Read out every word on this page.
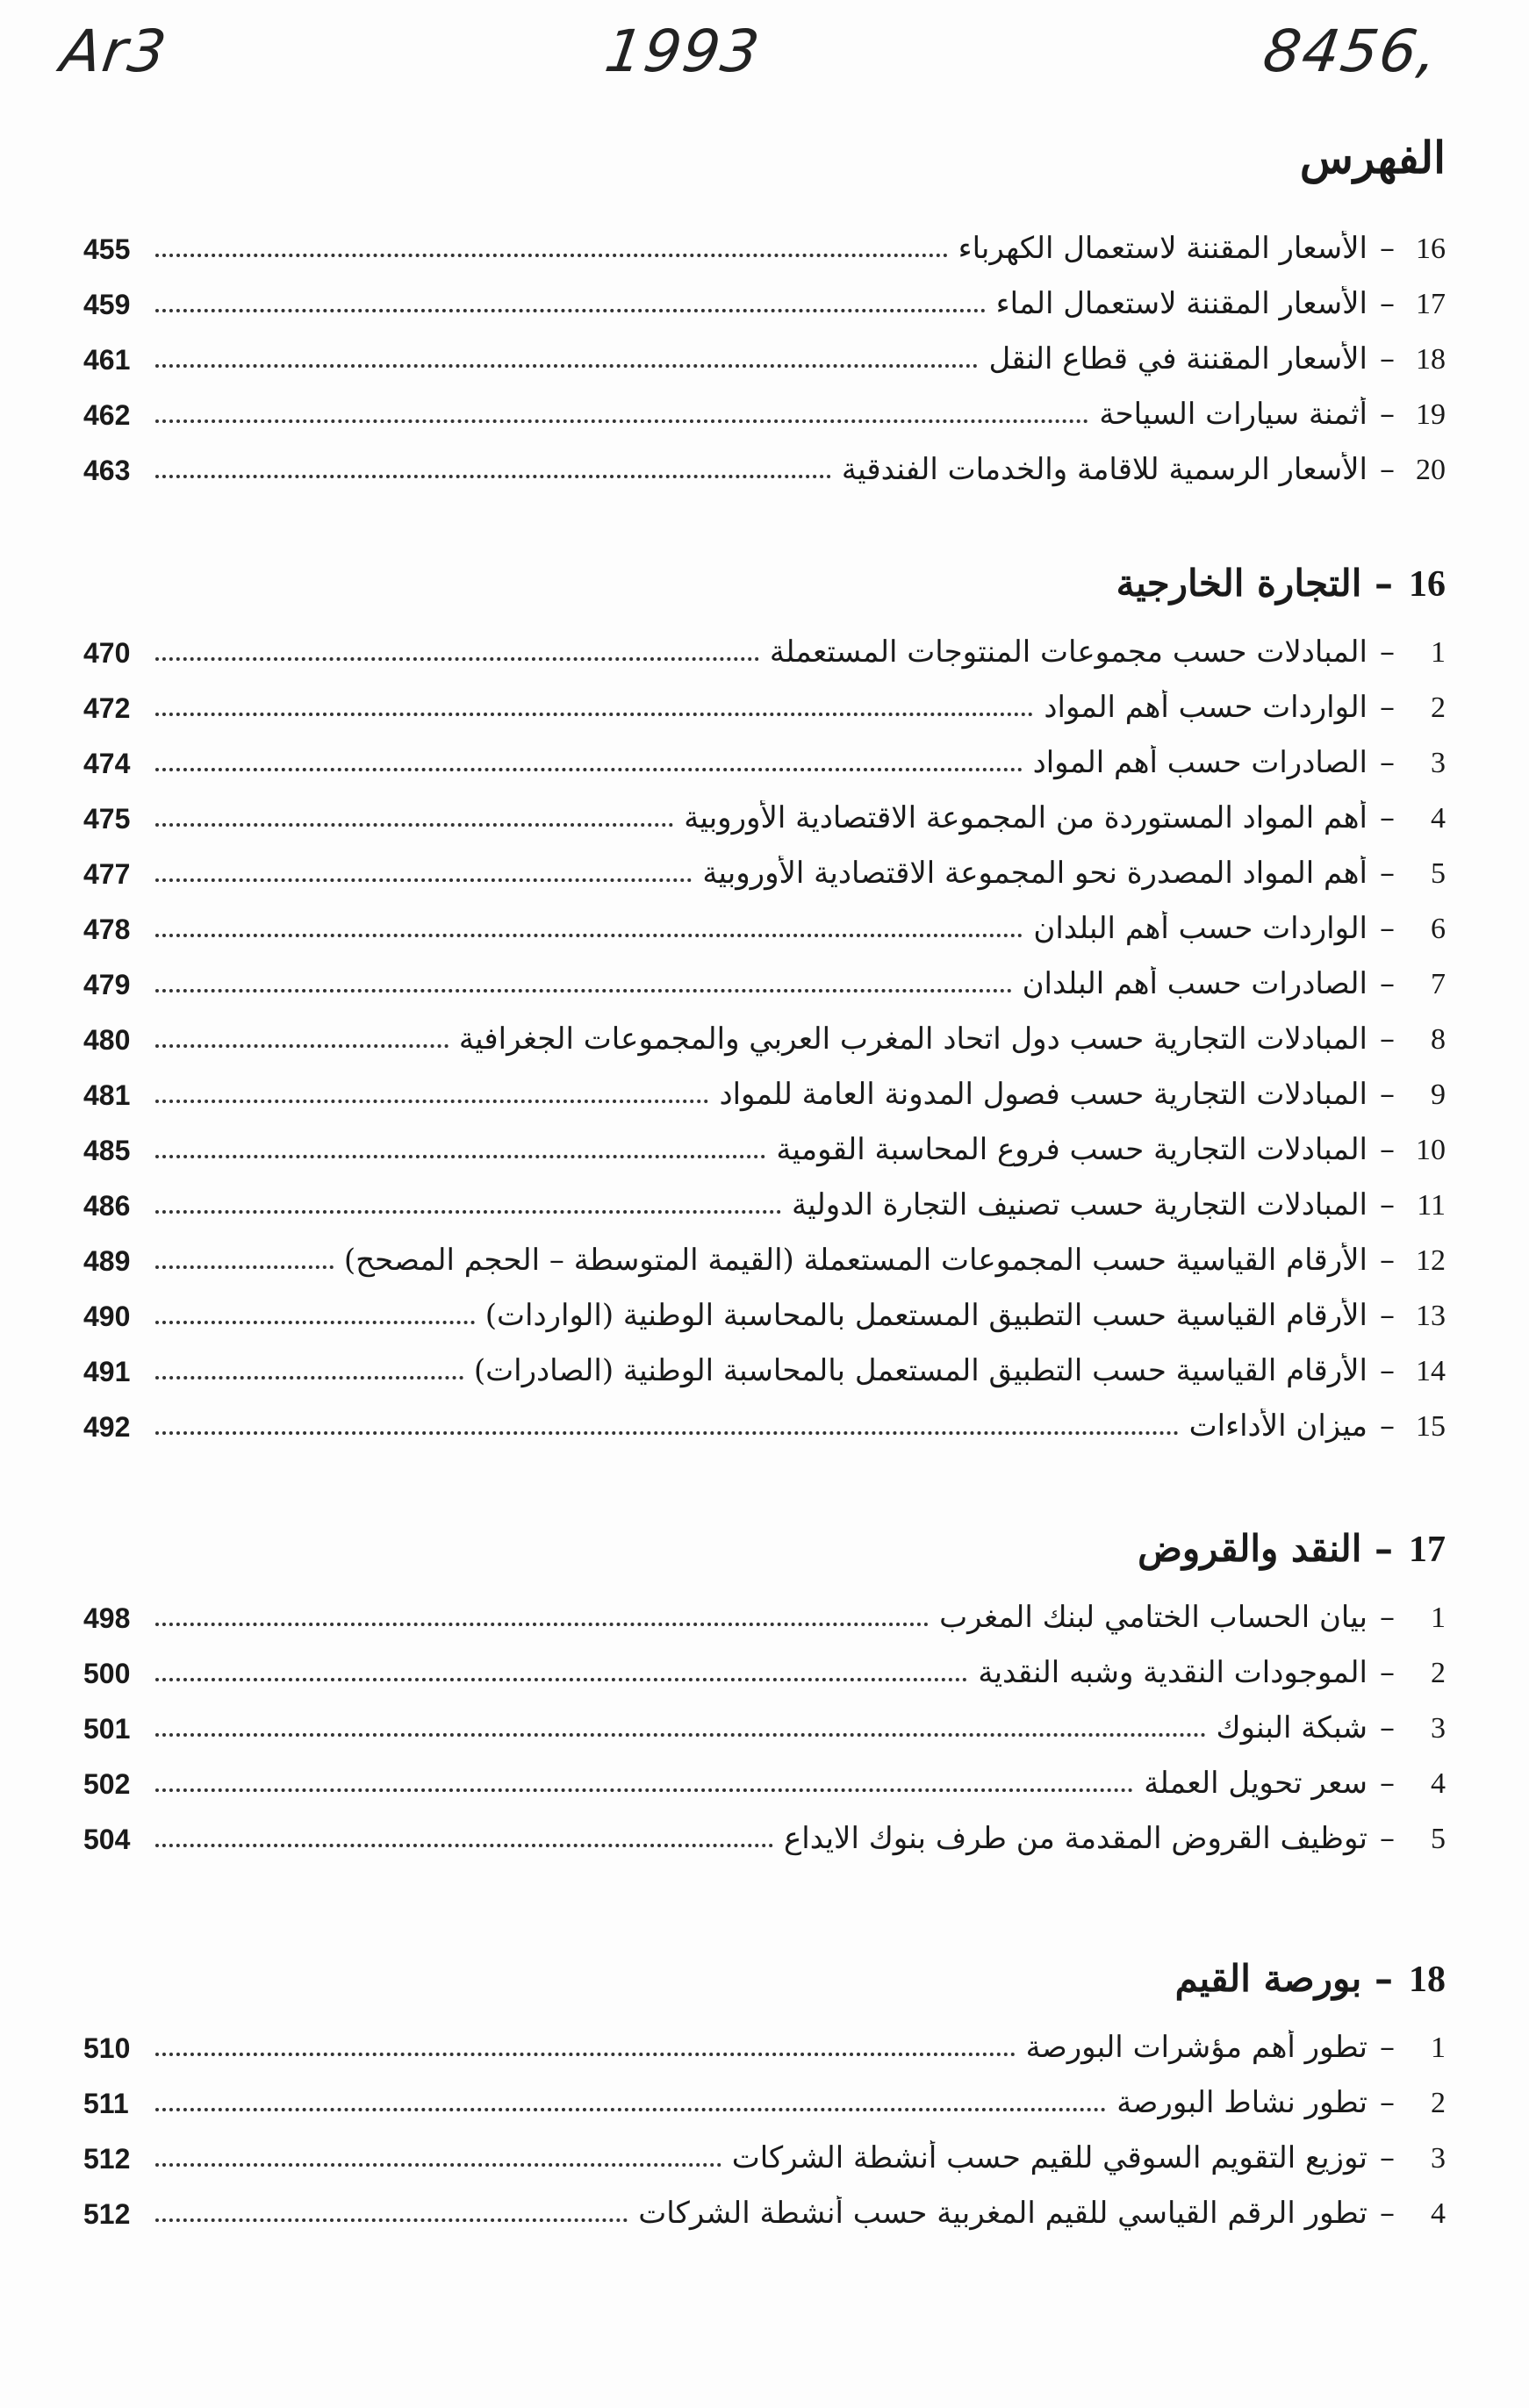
Ar3	1993	8456,
الفهرس
16
–
الأسعار المقننة لاستعمال الكهرباء
455
17
–
الأسعار المقننة لاستعمال الماء
459
18
–
الأسعار المقننة في قطاع النقل
461
19
–
أثمنة سيارات السياحة
462
20
–
الأسعار الرسمية للاقامة والخدمات الفندقية
463
16– التجارة الخارجية
1
–
المبادلات حسب مجموعات المنتوجات المستعملة
470
2
–
الواردات حسب أهم المواد
472
3
–
الصادرات حسب أهم المواد
474
4
–
أهم المواد المستوردة من المجموعة الاقتصادية الأوروبية
475
5
–
أهم المواد المصدرة نحو المجموعة الاقتصادية الأوروبية
477
6
–
الواردات حسب أهم البلدان
478
7
–
الصادرات حسب أهم البلدان
479
8
–
المبادلات التجارية حسب دول اتحاد المغرب العربي والمجموعات الجغرافية
480
9
–
المبادلات التجارية حسب فصول المدونة العامة للمواد
481
10
–
المبادلات التجارية حسب فروع المحاسبة القومية
485
11
–
المبادلات التجارية حسب تصنيف التجارة الدولية
486
12
–
الأرقام القياسية حسب المجموعات المستعملة (القيمة المتوسطة – الحجم المصحح)
489
13
–
الأرقام القياسية حسب التطبيق المستعمل بالمحاسبة الوطنية (الواردات)
490
14
–
الأرقام القياسية حسب التطبيق المستعمل بالمحاسبة الوطنية (الصادرات)
491
15
–
ميزان الأداءات
492
17– النقد والقروض
1
–
بيان الحساب الختامي لبنك المغرب
498
2
–
الموجودات النقدية وشبه النقدية
500
3
–
شبكة البنوك
501
4
–
سعر تحويل العملة
502
5
–
توظيف القروض المقدمة من طرف بنوك الايداع
504
18– بورصة القيم
1
–
تطور أهم مؤشرات البورصة
510
2
–
تطور نشاط البورصة
511
3
–
توزيع التقويم السوقي للقيم حسب أنشطة الشركات
512
4
–
تطور الرقم القياسي للقيم المغربية حسب أنشطة الشركات
512
